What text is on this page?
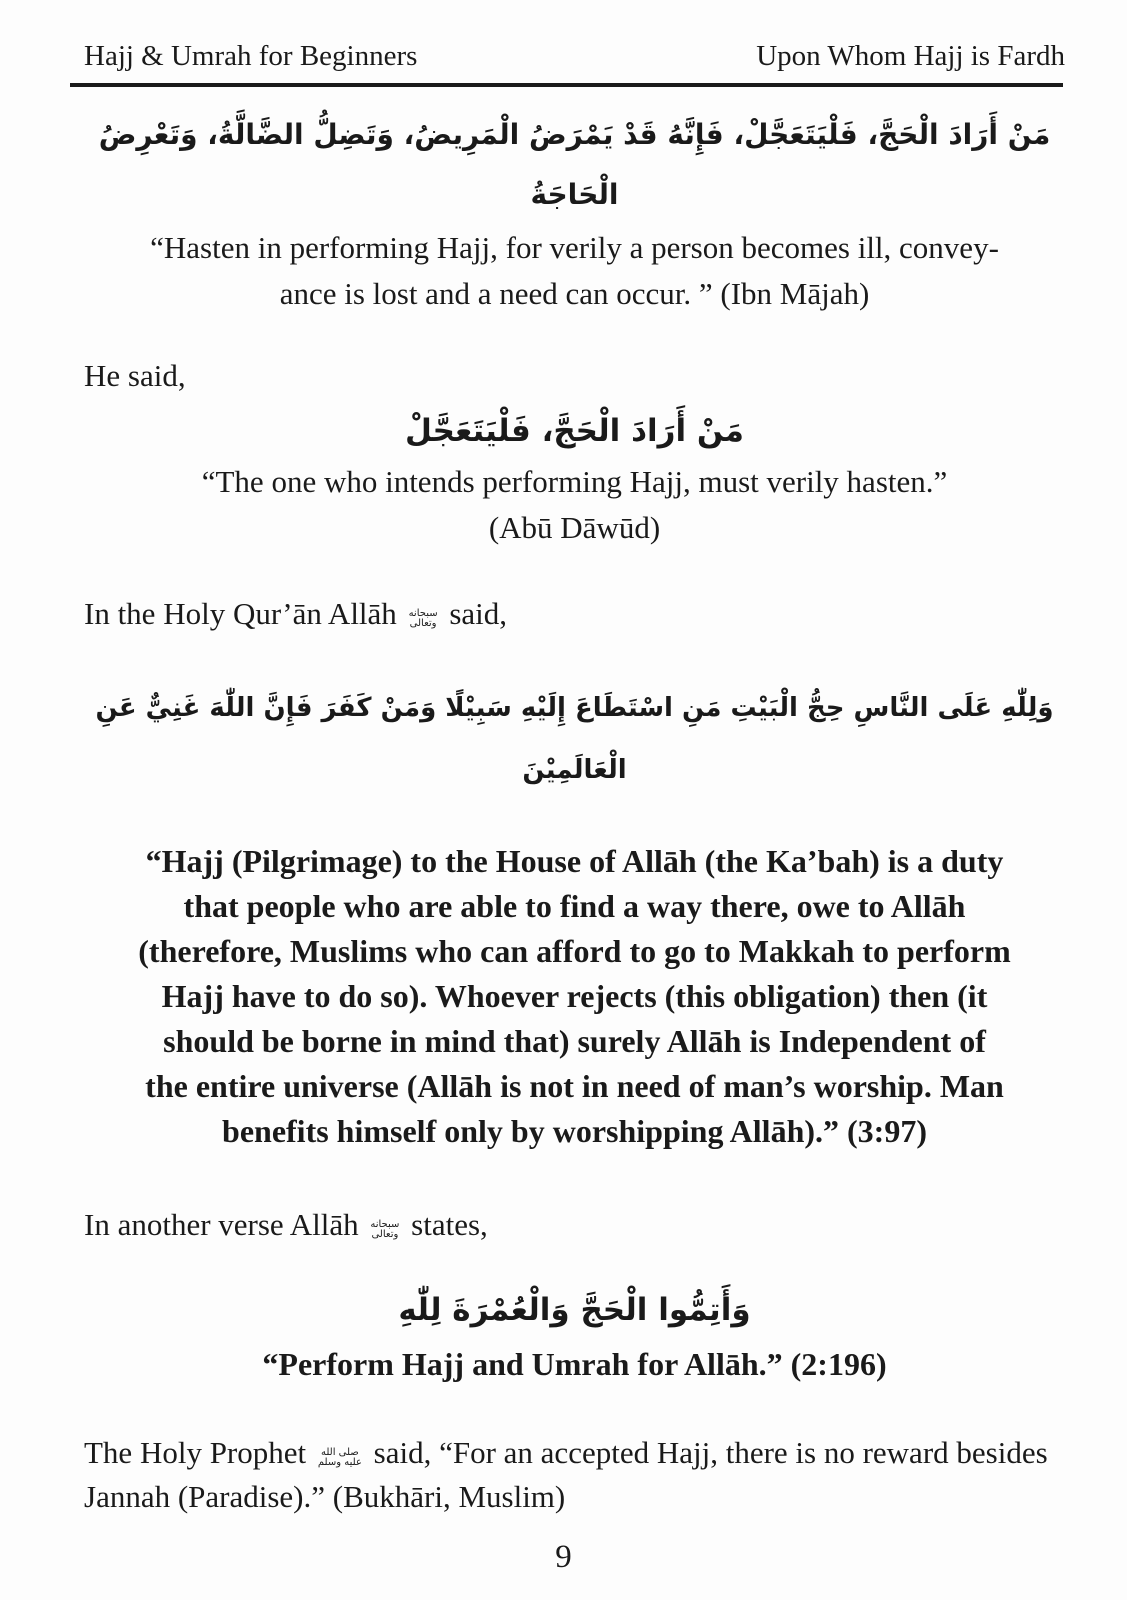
Hajj & Umrah for Beginners	Upon Whom Hajj is Fardh
مَنْ أَرَادَ الْحَجَّ، فَلْيَتَعَجَّلْ، فَإِنَّهُ قَدْ يَمْرَضُ الْمَرِيضُ، وَتَضِلُّ الضَّالَّةُ، وَتَعْرِضُ الْحَاجَةُ
“Hasten in performing Hajj, for verily a person becomes ill, convey-
ance is lost and a need can occur. ” (Ibn Mājah)
He said,
مَنْ أَرَادَ الْحَجَّ، فَلْيَتَعَجَّلْ
“The one who intends performing Hajj, must verily hasten.”
(Abū Dāwūd)
In the Holy Qur’ān Allāh سبحانه
وتعالى said,
وَلِلّٰهِ عَلَى النَّاسِ حِجُّ الْبَيْتِ مَنِ اسْتَطَاعَ إِلَيْهِ سَبِيْلًا وَمَنْ كَفَرَ فَإِنَّ اللّٰهَ غَنِيٌّ عَنِ الْعَالَمِيْنَ
“Hajj (Pilgrimage) to the House of Allāh (the Ka’bah) is a duty
that people who are able to find a way there, owe to Allāh
(therefore, Muslims who can afford to go to Makkah to perform
Hajj have to do so). Whoever rejects (this obligation) then (it
should be borne in mind that) surely Allāh is Independent of
the entire universe (Allāh is not in need of man’s worship. Man
benefits himself only by worshipping Allāh).” (3:97)
In another verse Allāh سبحانه
وتعالى states,
وَأَتِمُّوا الْحَجَّ وَالْعُمْرَةَ لِلّٰهِ
“Perform Hajj and Umrah for Allāh.” (2:196)
The Holy Prophet	صلى الله
عليه وسلم said, “For an accepted Hajj, there is no reward besides Jannah (Paradise).” (Bukhāri, Muslim)
9
